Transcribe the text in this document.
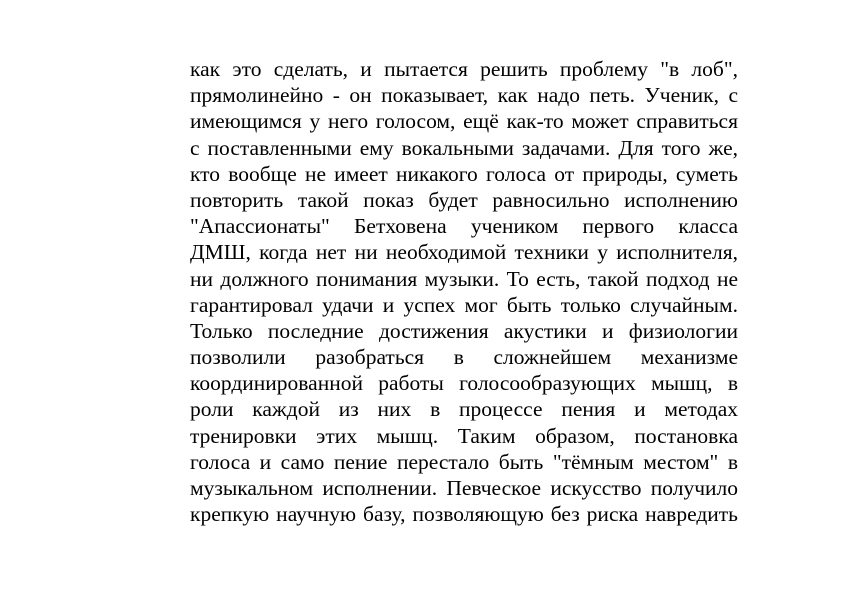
как это сделать, и пытается решить проблему "в лоб",
прямолинейно - он показывает, как надо петь. Ученик, с
имеющимся у него голосом, ещё как-то может справиться
с поставленными ему вокальными задачами. Для того же,
кто вообще не имеет никакого голоса от природы, суметь
повторить такой показ будет равносильно исполнению
"Апассионаты" Бетховена учеником первого класса
ДМШ, когда нет ни необходимой техники у исполнителя,
ни должного понимания музыки. То есть, такой подход не
гарантировал удачи и успех мог быть только случайным.
Только последние достижения акустики и физиологии
позволили разобраться в сложнейшем механизме
координированной работы голосообразующих мышц, в
роли каждой из них в процессе пения и методах
тренировки этих мышц. Таким образом, постановка
голоса и само пение перестало быть "тёмным местом" в
музыкальном исполнении. Певческое искусство получило
крепкую научную базу, позволяющую без риска навредить
